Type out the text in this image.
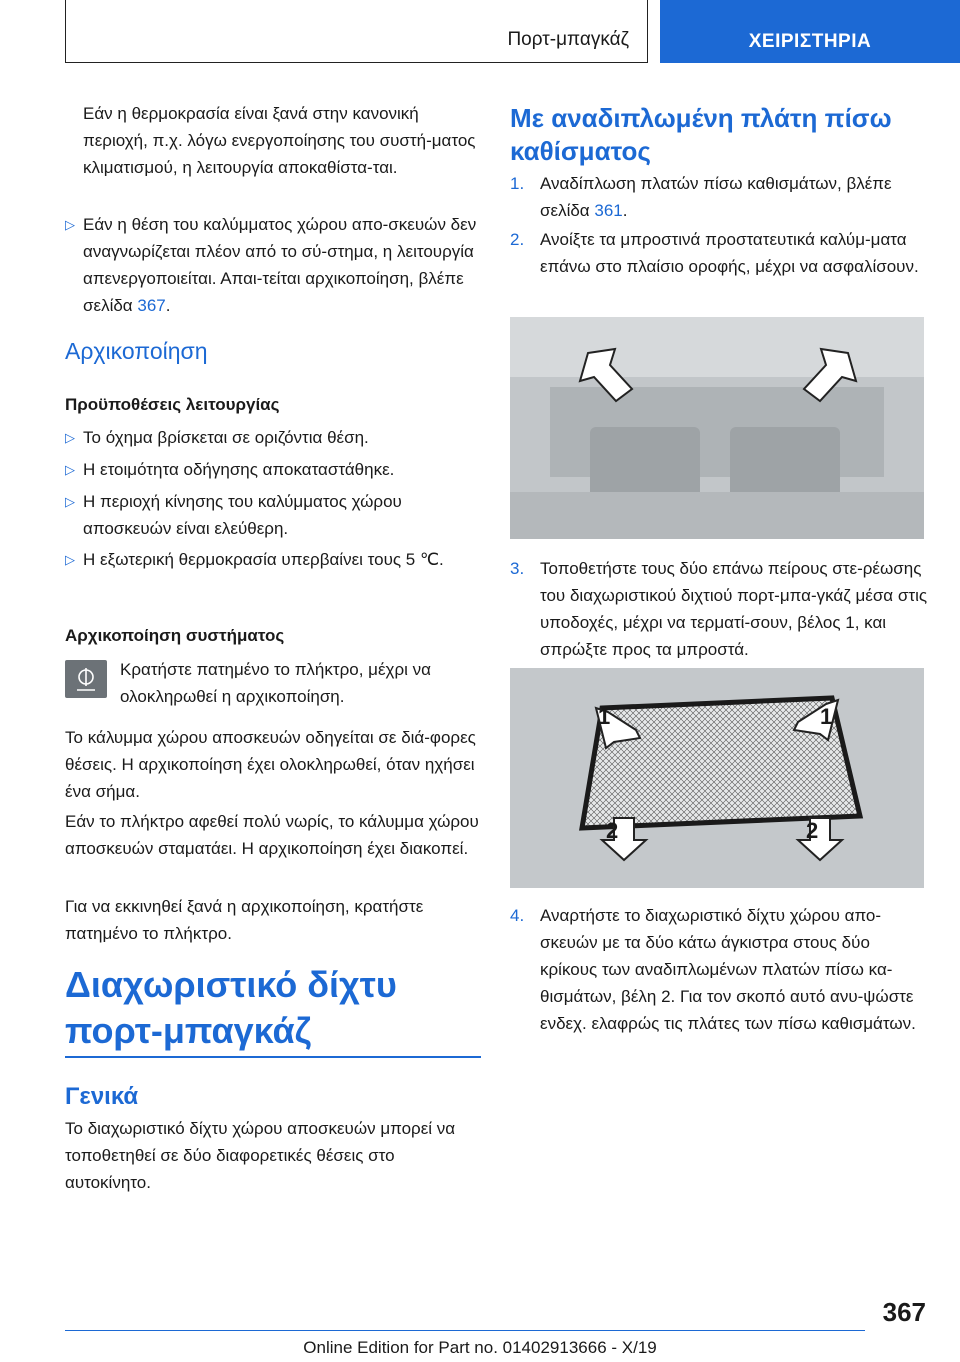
Πορτ-μπαγκάζ	ΧΕΙΡΙΣΤΗΡΙΑ

Εάν η θερμοκρασία είναι ξανά στην κανονική περιοχή, π.χ. λόγω ενεργοποίησης του συστή-ματος κλιματισμού, η λειτουργία αποκαθίστα-ται.

▷ Εάν η θέση του καλύμματος χώρου απο-σκευών δεν αναγνωρίζεται πλέον από το σύ-στημα, η λειτουργία απενεργοποιείται. Απαι-τείται αρχικοποίηση, βλέπε σελίδα 367.

Αρχικοποίηση
Προϋποθέσεις λειτουργίας
▷ Το όχημα βρίσκεται σε οριζόντια θέση.

▷ Η ετοιμότητα οδήγησης αποκαταστάθηκε.

▷ Η περιοχή κίνησης του καλύμματος χώρου αποσκευών είναι ελεύθερη.

▷ Η εξωτερική θερμοκρασία υπερβαίνει τους 5 ℃.

Αρχικοποίηση συστήματος

Κρατήστε πατημένο το πλήκτρο, μέχρι να ολοκληρωθεί η αρχικοποίηση.

Το κάλυμμα χώρου αποσκευών οδηγείται σε διά-φορες θέσεις. Η αρχικοποίηση έχει ολοκληρωθεί, όταν ηχήσει ένα σήμα.

Εάν το πλήκτρο αφεθεί πολύ νωρίς, το κάλυμμα χώρου αποσκευών σταματάει. Η αρχικοποίηση έχει διακοπεί.

Για να εκκινηθεί ξανά η αρχικοποίηση, κρατήστε πατημένο το πλήκτρο.

Διαχωριστικό δίχτυ πορτ-μπαγκάζ
Γενικά

Το διαχωριστικό δίχτυ χώρου αποσκευών μπορεί να τοποθετηθεί σε δύο διαφορετικές θέσεις στο αυτοκίνητο.

Με αναδιπλωμένη πλάτη πίσω καθίσματος
1. Αναδίπλωση πλατών πίσω καθισμάτων, βλέπε σελίδα 361.

2. Ανοίξτε τα μπροστινά προστατευτικά καλύμ-ματα επάνω στο πλαίσιο οροφής, μέχρι να ασφαλίσουν.

3. Τοποθετήστε τους δύο επάνω πείρους στε-ρέωσης του διαχωριστικού διχτιού πορτ-μπα-γκάζ μέσα στις υποδοχές, μέχρι να τερματί-σουν, βέλος 1, και σπρώξτε προς τα μπροστά.

1	1
2	2
4. Αναρτήστε το διαχωριστικό δίχτυ χώρου απο-σκευών με τα δύο κάτω άγκιστρα στους δύο κρίκους των αναδιπλωμένων πλατών πίσω κα-θισμάτων, βέλη 2. Για τον σκοπό αυτό ανυ-ψώστε ενδεχ. ελαφρώς τις πλάτες των πίσω καθισμάτων.

367
Online Edition for Part no. 01402913666 - X/19
